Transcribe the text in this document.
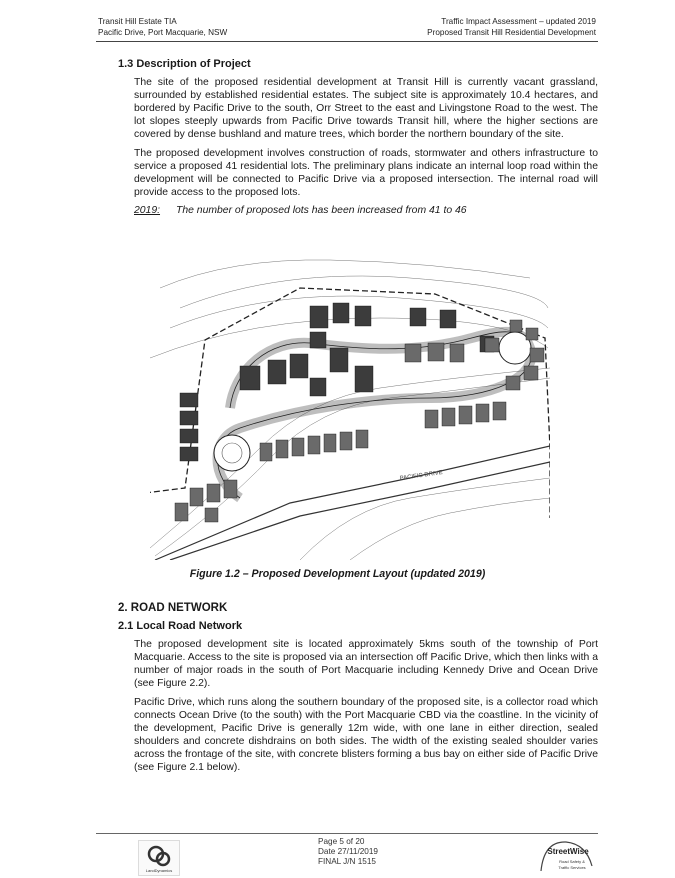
Transit Hill Estate TIA
Pacific Drive, Port Macquarie, NSW
Traffic Impact Assessment – updated 2019
Proposed Transit Hill Residential Development
1.3 Description of Project

The site of the proposed residential development at Transit Hill is currently vacant grassland, surrounded by established residential estates. The subject site is approximately 10.4 hectares, and bordered by Pacific Drive to the south, Orr Street to the east and Livingstone Road to the west. The lot slopes steeply upwards from Pacific Drive towards Transit hill, where the higher sections are covered by dense bushland and mature trees, which border the northern boundary of the site.

The proposed development involves construction of roads, stormwater and others infrastructure to service a proposed 41 residential lots. The preliminary plans indicate an internal loop road within the development will be connected to Pacific Drive via a proposed intersection. The internal road will provide access to the proposed lots.

2019: The number of proposed lots has been increased from 41 to 46
PACIFIC DRIVE
Figure 1.2 – Proposed Development Layout (updated 2019)
2. ROAD NETWORK
2.1 Local Road Network

The proposed development site is located approximately 5kms south of the township of Port Macquarie. Access to the site is proposed via an intersection off Pacific Drive, which then links with a number of major roads in the south of Port Macquarie including Kennedy Drive and Ocean Drive (see Figure 2.2).

Pacific Drive, which runs along the southern boundary of the proposed site, is a collector road which connects Ocean Drive (to the south) with the Port Macquarie CBD via the coastline. In the vicinity of the development, Pacific Drive is generally 12m wide, with one lane in either direction, sealed shoulders and concrete dishdrains on both sides. The width of the existing sealed shoulder varies across the frontage of the site, with concrete blisters forming a bus bay on either side of Pacific Drive (see Figure 2.1 below).

LandDynamics
Page 5 of 20
Date 27/11/2019
FINAL J/N 1515
StreetWise
Road Safety &
Traffic Services
